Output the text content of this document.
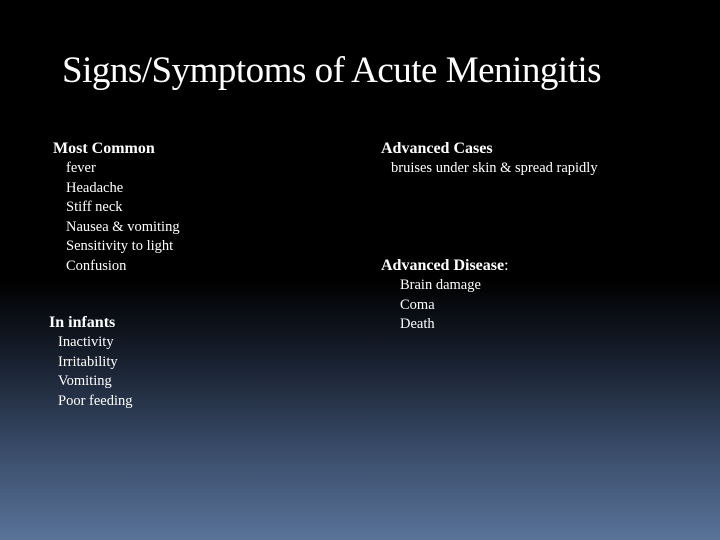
Signs/Symptoms of Acute Meningitis
Most Common
fever
Headache
Stiff neck
Nausea & vomiting
Sensitivity to light
Confusion
In infants
Inactivity
Irritability
Vomiting
Poor feeding
Advanced Cases
bruises under skin & spread rapidly
Advanced Disease:
Brain damage
Coma
Death
